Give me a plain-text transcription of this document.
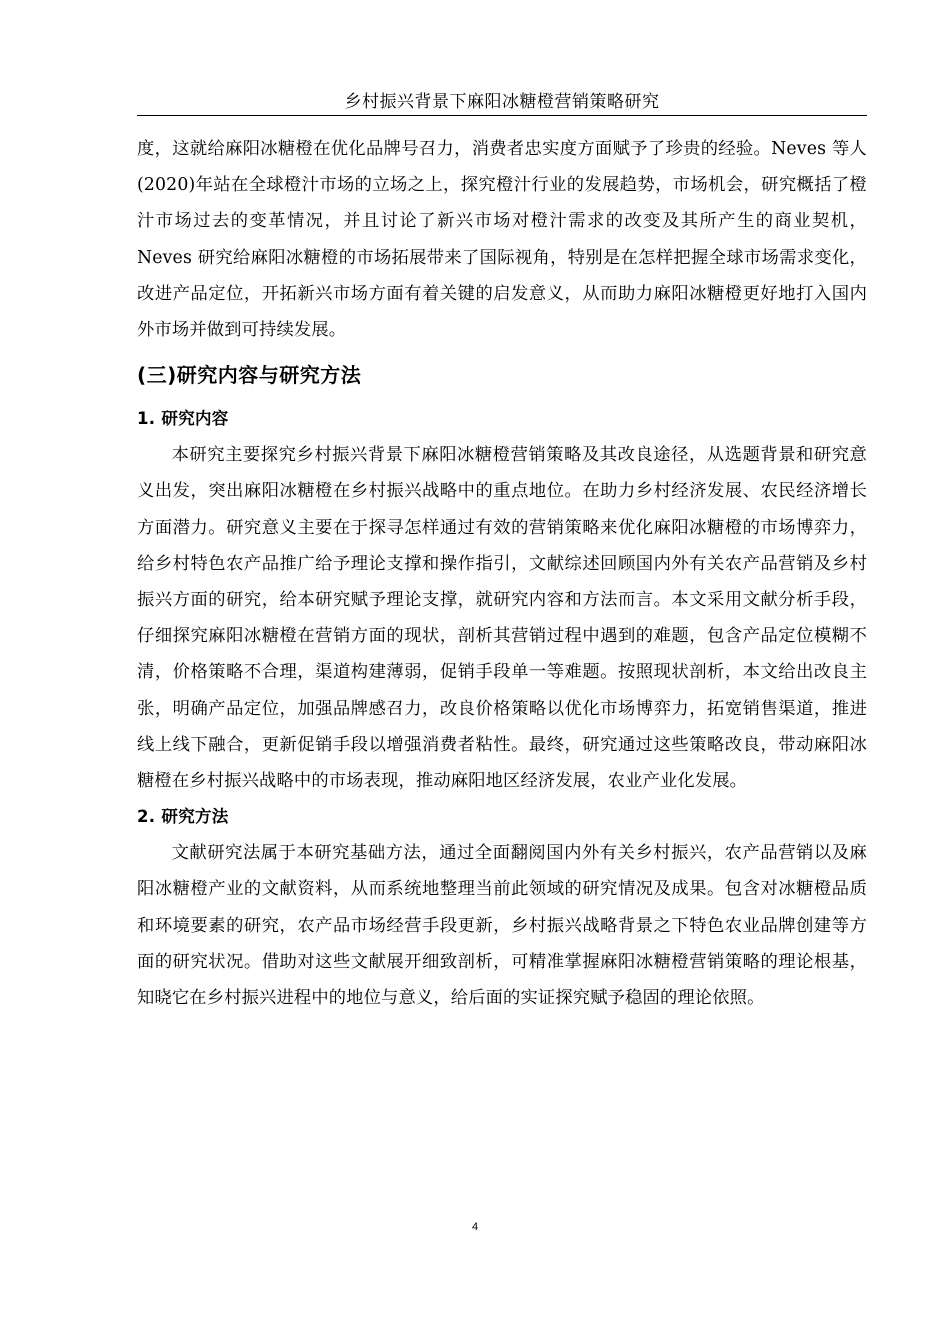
乡村振兴背景下麻阳冰糖橙营销策略研究

度，这就给麻阳冰糖橙在优化品牌号召力，消费者忠实度方面赋予了珍贵的经验。Neves 等人(2020)年站在全球橙汁市场的立场之上，探究橙汁行业的发展趋势，市场机会，研究概括了橙汁市场过去的变革情况，并且讨论了新兴市场对橙汁需求的改变及其所产生的商业契机，Neves 研究给麻阳冰糖橙的市场拓展带来了国际视角，特别是在怎样把握全球市场需求变化，改进产品定位，开拓新兴市场方面有着关键的启发意义，从而助力麻阳冰糖橙更好地打入国内外市场并做到可持续发展。

(三)研究内容与研究方法
1. 研究内容

本研究主要探究乡村振兴背景下麻阳冰糖橙营销策略及其改良途径，从选题背景和研究意义出发，突出麻阳冰糖橙在乡村振兴战略中的重点地位。在助力乡村经济发展、农民经济增长方面潜力。研究意义主要在于探寻怎样通过有效的营销策略来优化麻阳冰糖橙的市场博弈力，给乡村特色农产品推广给予理论支撑和操作指引，文献综述回顾国内外有关农产品营销及乡村振兴方面的研究，给本研究赋予理论支撑，就研究内容和方法而言。本文采用文献分析手段，仔细探究麻阳冰糖橙在营销方面的现状，剖析其营销过程中遇到的难题，包含产品定位模糊不清，价格策略不合理，渠道构建薄弱，促销手段单一等难题。按照现状剖析，本文给出改良主张，明确产品定位，加强品牌感召力，改良价格策略以优化市场博弈力，拓宽销售渠道，推进线上线下融合，更新促销手段以增强消费者粘性。最终，研究通过这些策略改良，带动麻阳冰糖橙在乡村振兴战略中的市场表现，推动麻阳地区经济发展，农业产业化发展。

2. 研究方法

文献研究法属于本研究基础方法，通过全面翻阅国内外有关乡村振兴，农产品营销以及麻阳冰糖橙产业的文献资料，从而系统地整理当前此领域的研究情况及成果。包含对冰糖橙品质和环境要素的研究，农产品市场经营手段更新，乡村振兴战略背景之下特色农业品牌创建等方面的研究状况。借助对这些文献展开细致剖析，可精准掌握麻阳冰糖橙营销策略的理论根基，知晓它在乡村振兴进程中的地位与意义，给后面的实证探究赋予稳固的理论依照。

4
